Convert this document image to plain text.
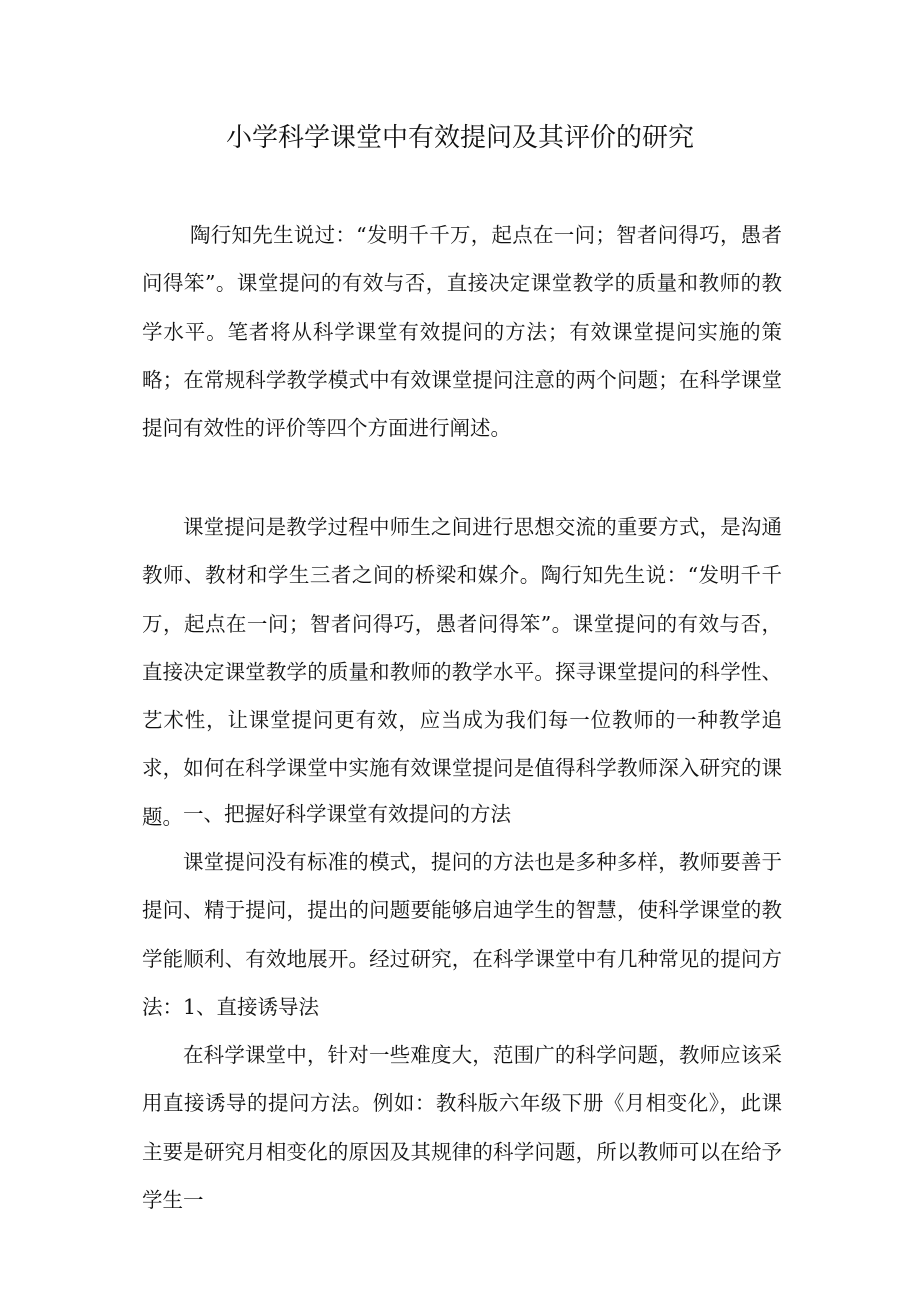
小学科学课堂中有效提问及其评价的研究

陶行知先生说过：“发明千千万，起点在一问；智者问得巧，愚者问得笨”。课堂提问的有效与否，直接决定课堂教学的质量和教师的教学水平。笔者将从科学课堂有效提问的方法；有效课堂提问实施的策略；在常规科学教学模式中有效课堂提问注意的两个问题；在科学课堂提问有效性的评价等四个方面进行阐述。

课堂提问是教学过程中师生之间进行思想交流的重要方式，是沟通教师、教材和学生三者之间的桥梁和媒介。陶行知先生说：“发明千千万，起点在一问；智者问得巧，愚者问得笨”。课堂提问的有效与否，直接决定课堂教学的质量和教师的教学水平。探寻课堂提问的科学性、艺术性，让课堂提问更有效，应当成为我们每一位教师的一种教学追求，如何在科学课堂中实施有效课堂提问是值得科学教师深入研究的课题。 一、把握好科学课堂有效提问的方法

课堂提问没有标准的模式，提问的方法也是多种多样，教师要善于提问、精于提问，提出的问题要能够启迪学生的智慧，使科学课堂的教学能顺利、有效地展开。经过研究，在科学课堂中有几种常见的提问方法： 1、直接诱导法

在科学课堂中，针对一些难度大，范围广的科学问题，教师应该采用直接诱导的提问方法。例如：教科版六年级下册《月相变化》，此课主要是研究月相变化的原因及其规律的科学问题，所以教师可以在给予学生一
